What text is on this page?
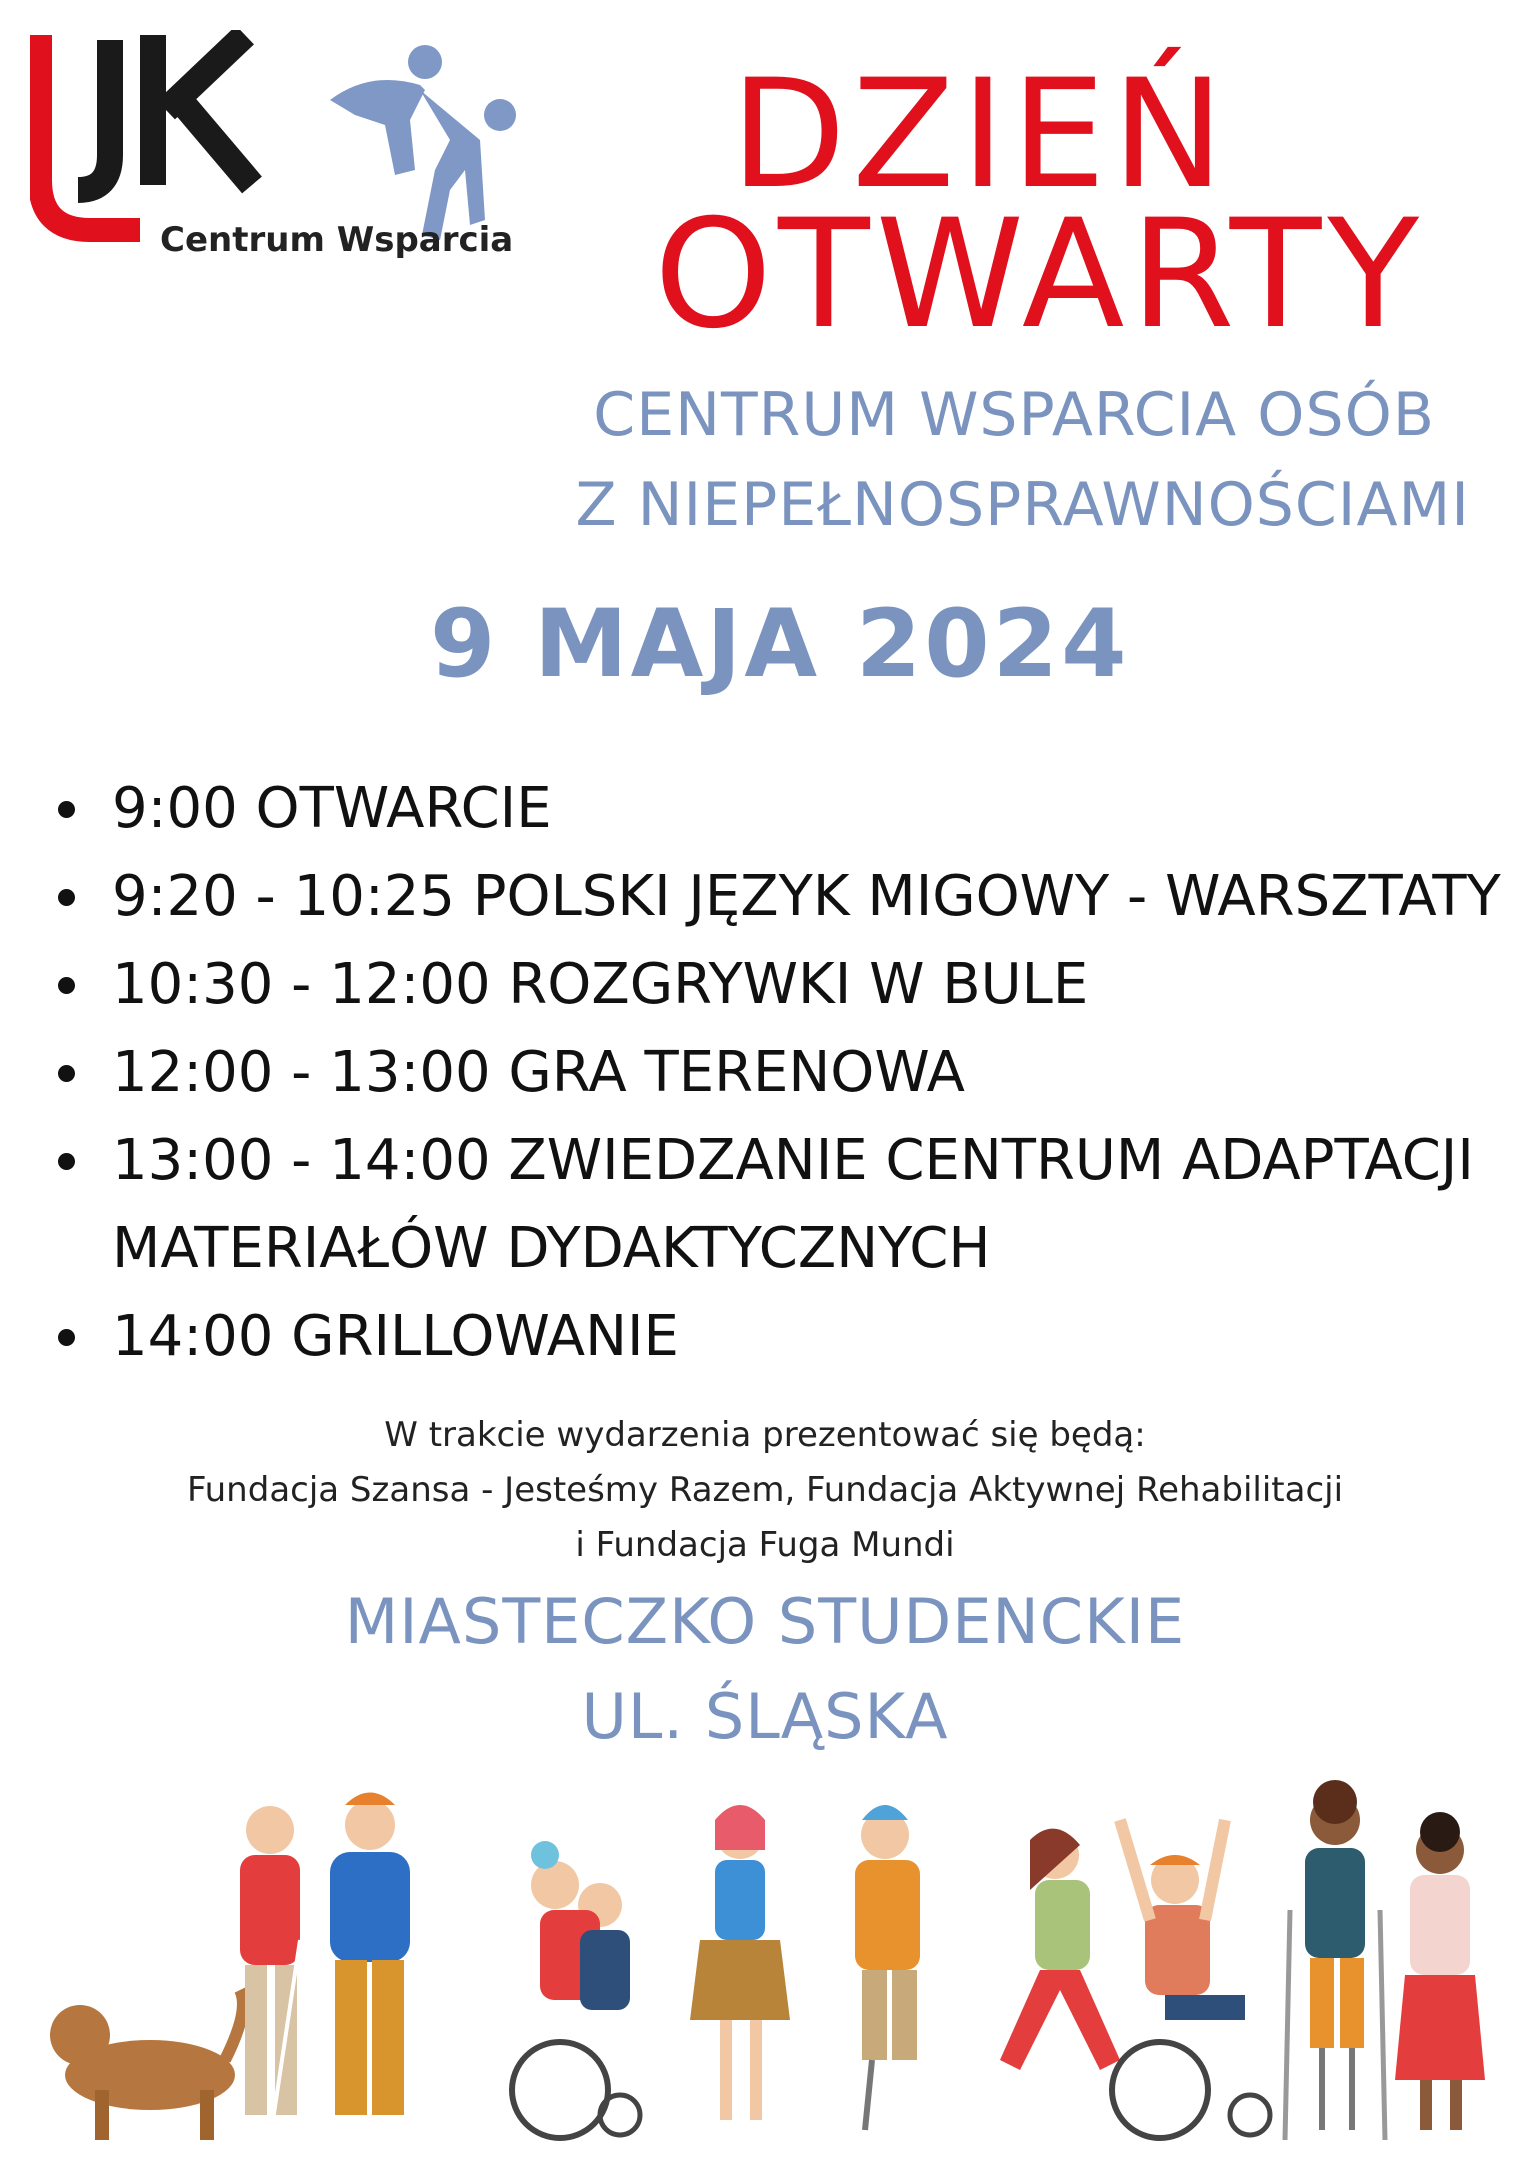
Centrum Wsparcia
DZIEŃ
OTWARTY
CENTRUM WSPARCIA OSÓB
Z NIEPEŁNOSPRAWNOŚCIAMI
9 MAJA 2024
9:00 OTWARCIE
9:20 - 10:25 POLSKI JĘZYK MIGOWY - WARSZTATY
10:30 - 12:00 ROZGRYWKI W BULE
12:00 - 13:00 GRA TERENOWA
13:00 - 14:00 ZWIEDZANIE CENTRUM ADAPTACJI
MATERIAŁÓW DYDAKTYCZNYCH
14:00 GRILLOWANIE
W trakcie wydarzenia prezentować się będą:
Fundacja Szansa - Jesteśmy Razem, Fundacja Aktywnej Rehabilitacji
i Fundacja Fuga Mundi
MIASTECZKO STUDENCKIE
UL. ŚLĄSKA
